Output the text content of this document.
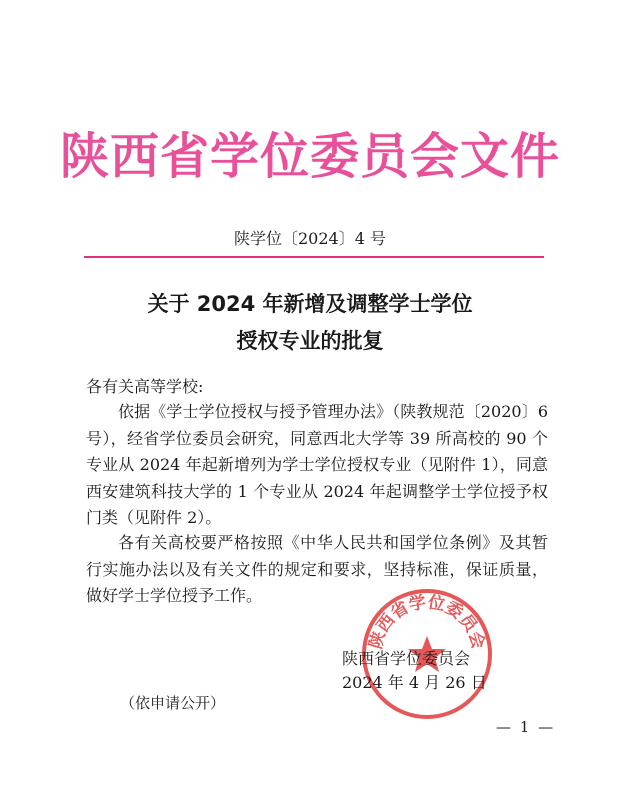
陕西省学位委员会文件
陕学位〔2024〕4 号
关于 2024 年新增及调整学士学位
授权专业的批复
各有关高等学校:
依据《学士学位授权与授予管理办法》（陕教规范〔2020〕6 号），经省学位委员会研究，同意西北大学等 39 所高校的 90 个专业从 2024 年起新增列为学士学位授权专业（见附件 1），同意西安建筑科技大学的 1 个专业从 2024 年起调整学士学位授予权门类（见附件 2）。
各有关高校要严格按照《中华人民共和国学位条例》及其暂行实施办法以及有关文件的规定和要求，坚持标准，保证质量，做好学士学位授予工作。
陕西省学位委员会
陕西省学位委员会
2024 年 4 月 26 日
（依申请公开）
— 1 —
